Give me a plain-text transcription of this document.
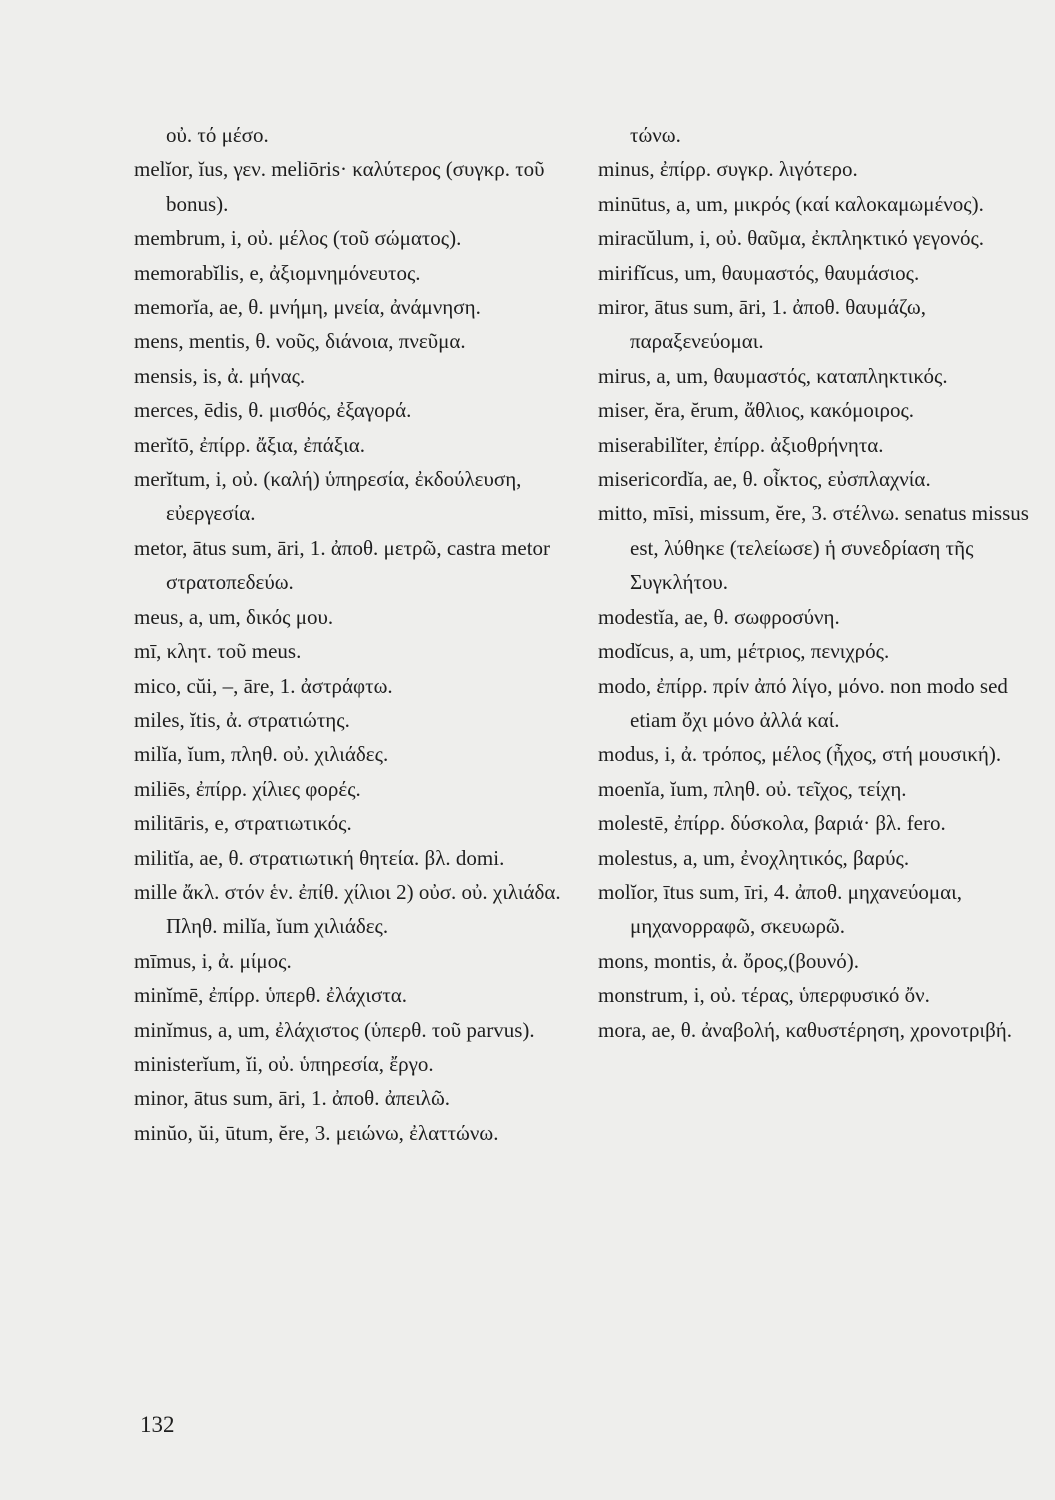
οὐ. τό μέσο.
melĭor, ĭus, γεν. meliōris· καλύτερος (συγκρ. τοῦ bonus).
membrum, i, οὐ. μέλος (τοῦ σώματος).
memorabĭlis, e, ἀξιομνημόνευτος.
memorĭa, ae, θ. μνήμη, μνεία, ἀνάμνηση.
mens, mentis, θ. νοῦς, διάνοια, πνεῦμα.
mensis, is, ἀ. μήνας.
merces, ēdis, θ. μισθός, ἐξαγορά.
merĭtō, ἐπίρρ. ἄξια, ἐπάξια.
merĭtum, i, οὐ. (καλή) ὑπηρεσία, ἐκδούλευση, εὐεργεσία.
metor, ātus sum, āri, 1. ἀποθ. μετρῶ, castra metor στρατοπεδεύω.
meus, a, um, δικός μου.
mī, κλητ. τοῦ meus.
mico, cŭi, –, āre, 1. ἀστράφτω.
miles, ĭtis, ἀ. στρατιώτης.
milĭa, ĭum, πληθ. οὐ. χιλιάδες.
miliēs, ἐπίρρ. χίλιες φορές.
militāris, e, στρατιωτικός.
militĭa, ae, θ. στρατιωτική θητεία. βλ. domi.
mille ἄκλ. στόν ἑν. ἐπίθ. χίλιοι 2) οὐσ. οὐ. χιλιάδα. Πληθ. milĭa, ĭum χιλιάδες.
mīmus, i, ἀ. μίμος.
minĭmē, ἐπίρρ. ὑπερθ. ἐλάχιστα.
minĭmus, a, um, ἐλάχιστος (ὑπερθ. τοῦ parvus).
ministerĭum, ĭi, οὐ. ὑπηρεσία, ἔργο.
minor, ātus sum, āri, 1. ἀποθ. ἀπειλῶ.
minŭo, ŭi, ūtum, ĕre, 3. μειώνω, ἐλαττώνω.
τώνω.
minus, ἐπίρρ. συγκρ. λιγότερο.
minūtus, a, um, μικρός (καί καλοκαμωμένος).
miracŭlum, i, οὐ. θαῦμα, ἐκπληκτικό γεγονός.
mirifĭcus, um, θαυμαστός, θαυμάσιος.
miror, ātus sum, āri, 1. ἀποθ. θαυμάζω, παραξενεύομαι.
mirus, a, um, θαυμαστός, καταπληκτικός.
miser, ĕra, ĕrum, ἄθλιος, κακόμοιρος.
miserabilĭter, ἐπίρρ. ἀξιοθρήνητα.
misericordĭa, ae, θ. οἶκτος, εὐσπλαχνία.
mitto, mīsi, missum, ĕre, 3. στέλνω. senatus missus est, λύθηκε (τελείωσε) ἡ συνεδρίαση τῆς Συγκλήτου.
modestĭa, ae, θ. σωφροσύνη.
modĭcus, a, um, μέτριος, πενιχρός.
modo, ἐπίρρ. πρίν ἀπό λίγο, μόνο. non modo sed etiam ὄχι μόνο ἀλλά καί.
modus, i, ἀ. τρόπος, μέλος (ἦχος, στή μουσική).
moenĭa, ĭum, πληθ. οὐ. τεῖχος, τείχη.
molestē, ἐπίρρ. δύσκολα, βαριά· βλ. fero.
molestus, a, um, ἐνοχλητικός, βαρύς.
molĭor, ītus sum, īri, 4. ἀποθ. μηχανεύομαι, μηχανορραφῶ, σκευωρῶ.
mons, montis, ἀ. ὄρος,(βουνό).
monstrum, i, οὐ. τέρας, ὑπερφυσικό ὄν.
mora, ae, θ. ἀναβολή, καθυστέρηση, χρονοτριβή.
132
